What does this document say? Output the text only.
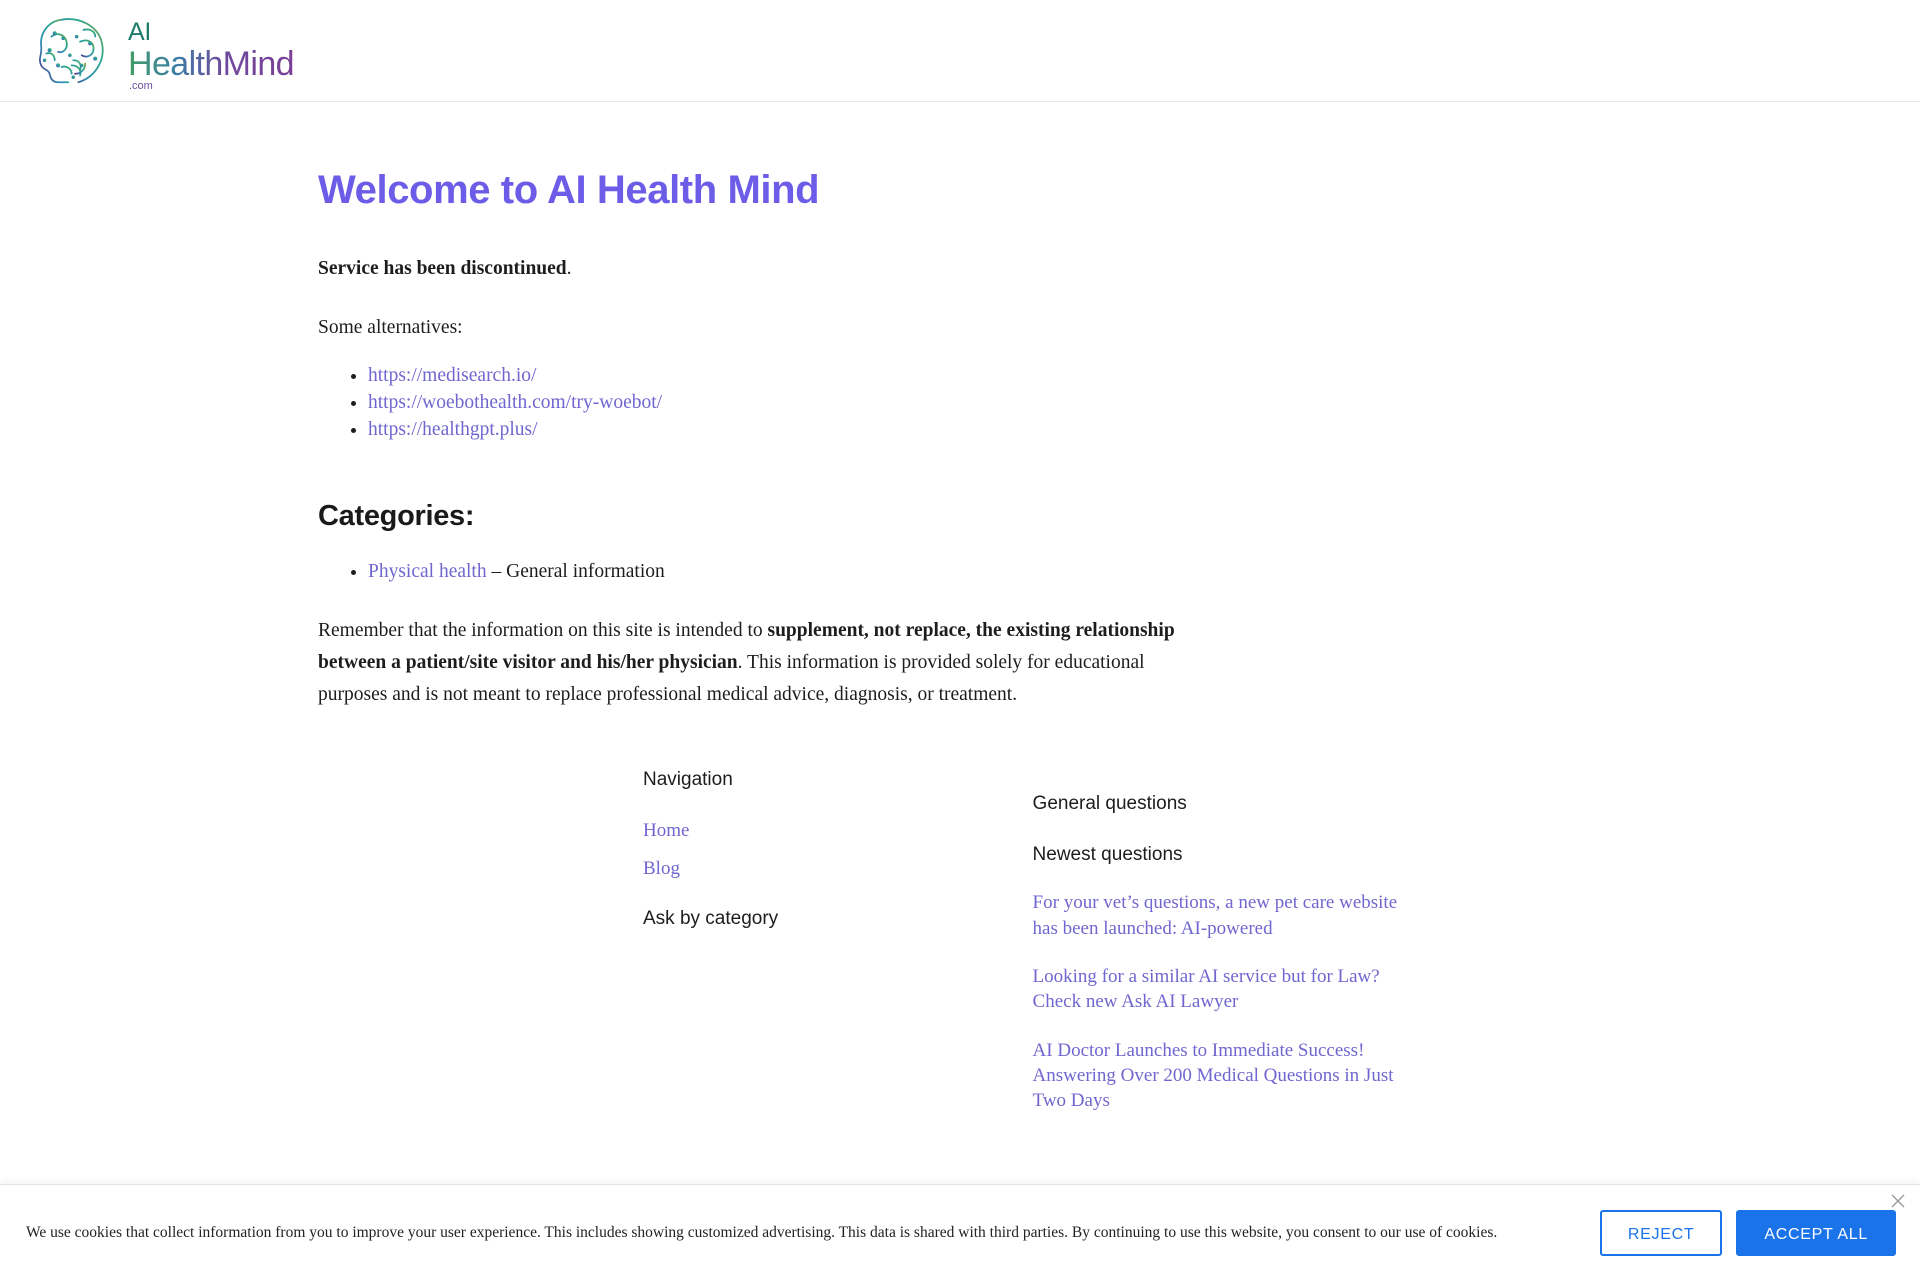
AI
HealthMind
.com
Welcome to AI Health Mind

Service has been discontinued.

Some alternatives:

• https://medisearch.io/
• https://woebothealth.com/try-woebot/
• https://healthgpt.plus/
Categories:
• Physical health – General information

Remember that the information on this site is intended to supplement, not replace, the existing relationship between a patient/site visitor and his/her physician. This information is provided solely for educational purposes and is not meant to replace professional medical advice, diagnosis, or treatment.

Navigation
Home
Blog
Ask by category
General questions
Newest questions
For your vet’s questions, a new pet care website has been launched: AI-powered
Looking for a similar AI service but for Law? Check new Ask AI Lawyer
AI Doctor Launches to Immediate Success! Answering Over 200 Medical Questions in Just Two Days
We use cookies that collect information from you to improve your user experience. This includes showing customized advertising. This data is shared with third parties. By continuing to use this website, you consent to our use of cookies.	REJECT	ACCEPT ALL
